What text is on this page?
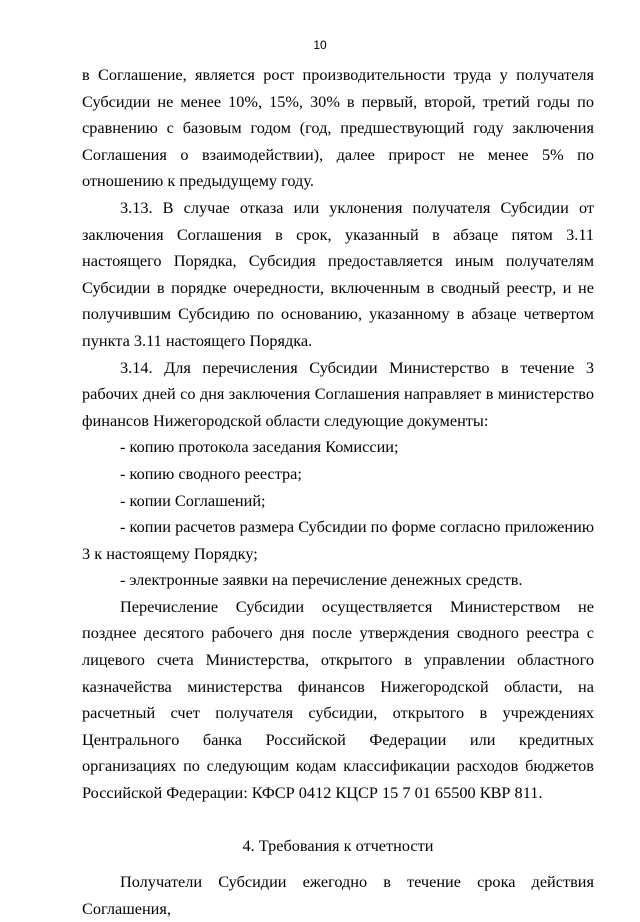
10

в Соглашение, является рост производительности труда у получателя Субсидии не менее 10%, 15%, 30% в первый, второй, третий годы по сравнению с базовым годом (год, предшествующий году заключения Соглашения о взаимодействии), далее прирост не менее 5% по отношению к предыдущему году.

3.13. В случае отказа или уклонения получателя Субсидии от заключения Соглашения в срок, указанный в абзаце пятом 3.11 настоящего Порядка, Субсидия предоставляется иным получателям Субсидии в порядке очередности, включенным в сводный реестр, и не получившим Субсидию по основанию, указанному в абзаце четвертом пункта 3.11 настоящего Порядка.

3.14. Для перечисления Субсидии Министерство в течение 3 рабочих дней со дня заключения Соглашения направляет в министерство финансов Нижегородской области следующие документы:

- копию протокола заседания Комиссии;

- копию сводного реестра;

- копии Соглашений;

- копии расчетов размера Субсидии по форме согласно приложению 3 к настоящему Порядку;

- электронные заявки на перечисление денежных средств.

Перечисление Субсидии осуществляется Министерством не позднее десятого рабочего дня после утверждения сводного реестра с лицевого счета Министерства, открытого в управлении областного казначейства министерства финансов Нижегородской области, на расчетный счет получателя субсидии, открытого в учреждениях Центрального банка Российской Федерации или кредитных организациях по следующим кодам классификации расходов бюджетов Российской Федерации: КФСР 0412 КЦСР 15 7 01 65500 КВР 811.

4. Требования к отчетности

Получатели Субсидии ежегодно в течение срока действия Соглашения,
